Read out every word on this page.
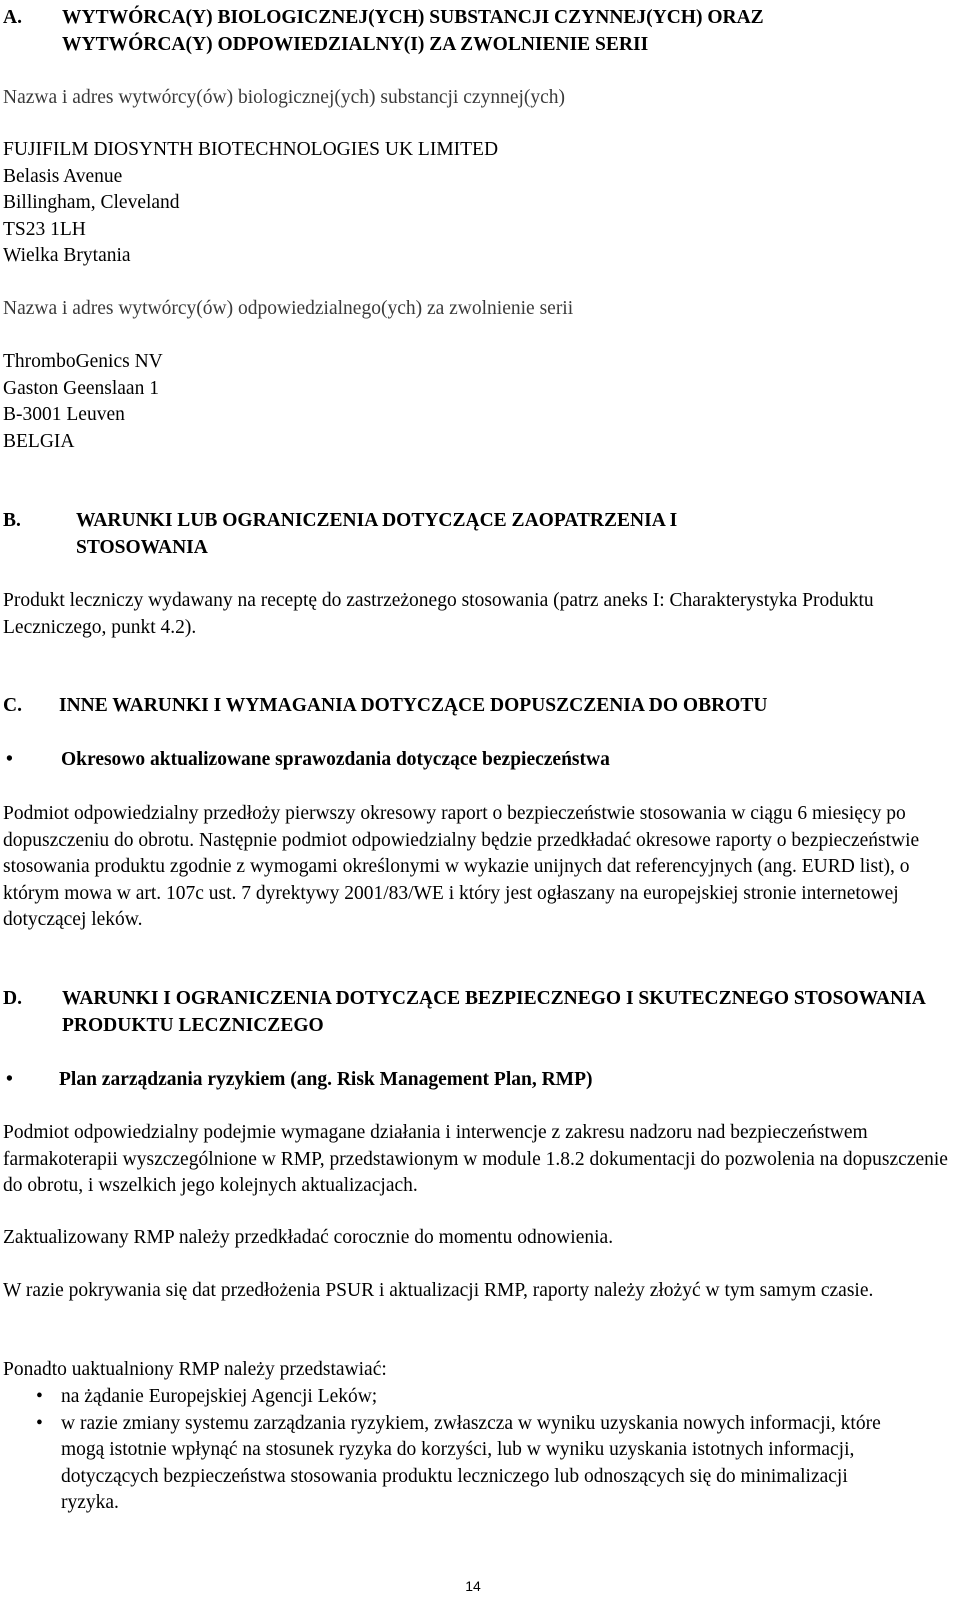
A. WYTWÓRCA(Y) BIOLOGICZNEJ(YCH) SUBSTANCJI CZYNNEJ(YCH) ORAZ WYTWÓRCA(Y) ODPOWIEDZIALNY(I) ZA ZWOLNIENIE SERII

Nazwa i adres wytwórcy(ów) biologicznej(ych) substancji czynnej(ych)

FUJIFILM DIOSYNTH BIOTECHNOLOGIES UK LIMITED
Belasis Avenue
Billingham, Cleveland
TS23 1LH
Wielka Brytania

Nazwa i adres wytwórcy(ów) odpowiedzialnego(ych) za zwolnienie serii

ThromboGenics NV
Gaston Geenslaan 1
B-3001 Leuven
BELGIA
B.	WARUNKI LUB OGRANICZENIA DOTYCZĄCE ZAOPATRZENIA I STOSOWANIA

Produkt leczniczy wydawany na receptę do zastrzeżonego stosowania (patrz aneks I: Charakterystyka Produktu Leczniczego, punkt 4.2).

C. INNE WARUNKI I WYMAGANIA DOTYCZĄCE DOPUSZCZENIA DO OBROTU
• Okresowo aktualizowane sprawozdania dotyczące bezpieczeństwa

Podmiot odpowiedzialny przedłoży pierwszy okresowy raport o bezpieczeństwie stosowania w ciągu 6 miesięcy po dopuszczeniu do obrotu. Następnie podmiot odpowiedzialny będzie przedkładać okresowe raporty o bezpieczeństwie stosowania produktu zgodnie z wymogami określonymi w wykazie unijnych dat referencyjnych (ang. EURD list), o którym mowa w art. 107c ust. 7 dyrektywy 2001/83/WE i który jest ogłaszany na europejskiej stronie internetowej dotyczącej leków.

D. WARUNKI I OGRANICZENIA DOTYCZĄCE BEZPIECZNEGO I SKUTECZNEGO STOSOWANIA PRODUKTU LECZNICZEGO
• Plan zarządzania ryzykiem (ang. Risk Management Plan, RMP)

Podmiot odpowiedzialny podejmie wymagane działania i interwencje z zakresu nadzoru nad bezpieczeństwem farmakoterapii wyszczególnione w RMP, przedstawionym w module 1.8.2 dokumentacji do pozwolenia na dopuszczenie do obrotu, i wszelkich jego kolejnych aktualizacjach.

Zaktualizowany RMP należy przedkładać corocznie do momentu odnowienia.

W razie pokrywania się dat przedłożenia PSUR i aktualizacji RMP, raporty należy złożyć w tym samym czasie.

Ponadto uaktualniony RMP należy przedstawiać:

• na żądanie Europejskiej Agencji Leków;
• w razie zmiany systemu zarządzania ryzykiem, zwłaszcza w wyniku uzyskania nowych informacji, które mogą istotnie wpłynąć na stosunek ryzyka do korzyści, lub w wyniku uzyskania istotnych informacji, dotyczących bezpieczeństwa stosowania produktu leczniczego lub odnoszących się do minimalizacji ryzyka.
14
